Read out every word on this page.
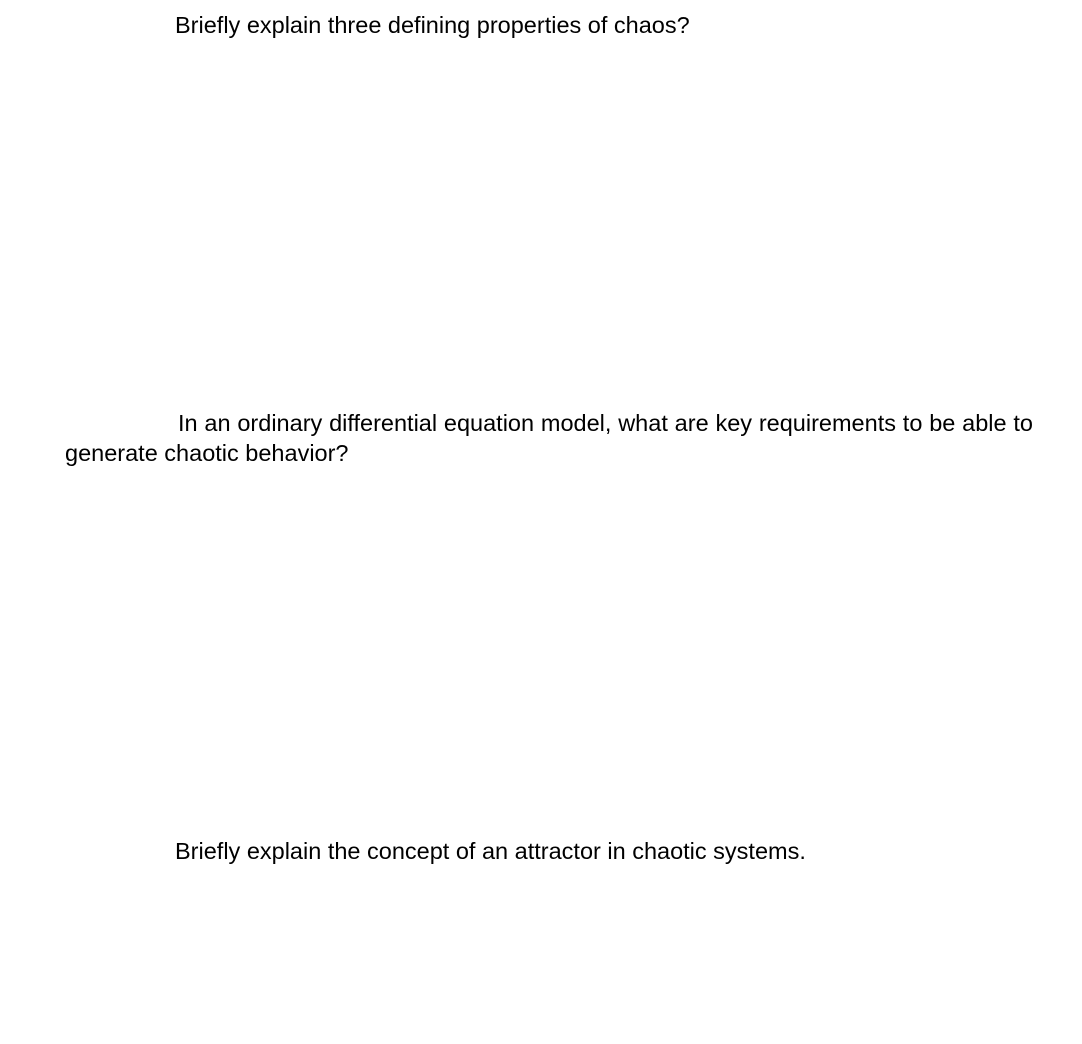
Briefly explain three defining properties of chaos?

In an ordinary differential equation model, what are key requirements to be able to generate chaotic behavior?

Briefly explain the concept of an attractor in chaotic systems.
